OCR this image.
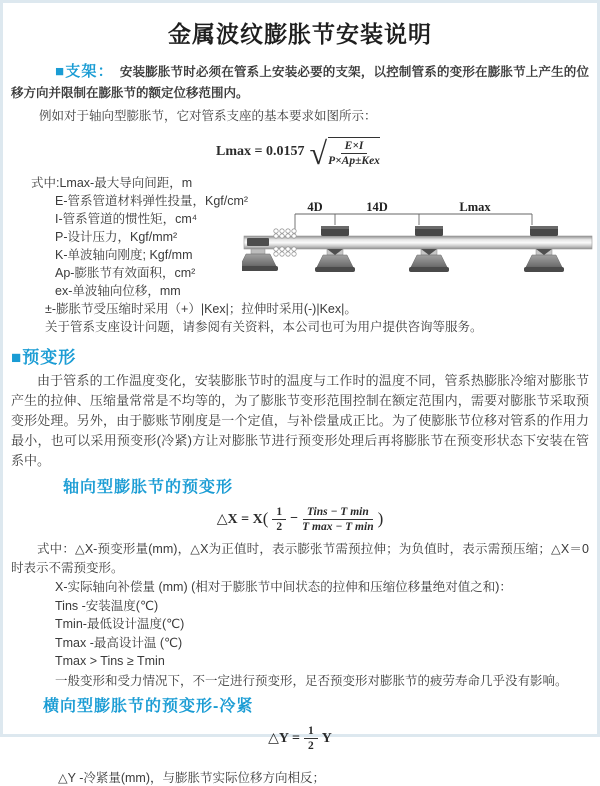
金属波纹膨胀节安装说明

■支架： 安装膨胀节时必须在管系上安装必要的支架，以控制管系的变形在膨胀节上产生的位移方向并限制在膨胀节的额定位移范围内。

例如对于轴向型膨胀节，它对管系支座的基本要求如图所示：

Lmax = 0.0157 √ $\frac{E\times I}{\text{P×Ap±Kex}}$
4D	14D	Lmax
式中:Lmax-最大导向间距，m
E-管系管道材料弹性投量，Kgf/cm²
I-管系管道的惯性矩，cm⁴
P-设计压力，Kgf/mm²
K-单波轴向刚度; Kgf/mm
Ap-膨胀节有效面积，cm²
ex-单波轴向位移，mm
±-膨胀节受压缩时采用（+）|Kex|；拉伸时采用(-)|Kex|。
关于管系支座设计问题，请参阅有关资料，本公司也可为用户提供咨询等服务。
■预变形

由于管系的工作温度变化，安装膨胀节时的温度与工作时的温度不同，管系热膨胀冷缩对膨胀节产生的拉伸、压缩量常常是不均等的，为了膨胀节变形范围控制在额定范围内，需要对膨胀节采取预变形处理。另外，由于膨账节刚度是一个定值，与补偿量成正比。为了使膨胀节位移对管系的作用力最小，也可以采用预变形(冷紧)方让对膨胀节进行预变形处理后再将膨胀节在预变形状态下安装在管系中。

轴向型膨胀节的预变形
△X = X ( $\frac{1}{2} - \frac{\text{Tins − T min}}{\text{T max − T min}}$ )

式中：△X-预变形量(mm)，△X为正值时，表示膨张节需预拉伸；为负值时，表示需预压缩；△X＝0时表示不需预变形。

X-实际轴向补偿量 (mm) (相对于膨胀节中间状态的拉伸和压缩位移量绝对值之和)：
Tins -安装温度(℃)
Tmin-最低设计温度(℃)
Tmax -最高设计温 (℃)
Tmax > Tins ≥ Tmin

一般变形和受力情况下，不一定进行预变形，足否预变形对膨胀节的疲劳寿命几乎没有影响。

横向型膨胀节的预变形-冷紧
△Y = $\frac{1}{2}$ Y

△Y -冷紧量(mm)，与膨胀节实际位移方向相反；
